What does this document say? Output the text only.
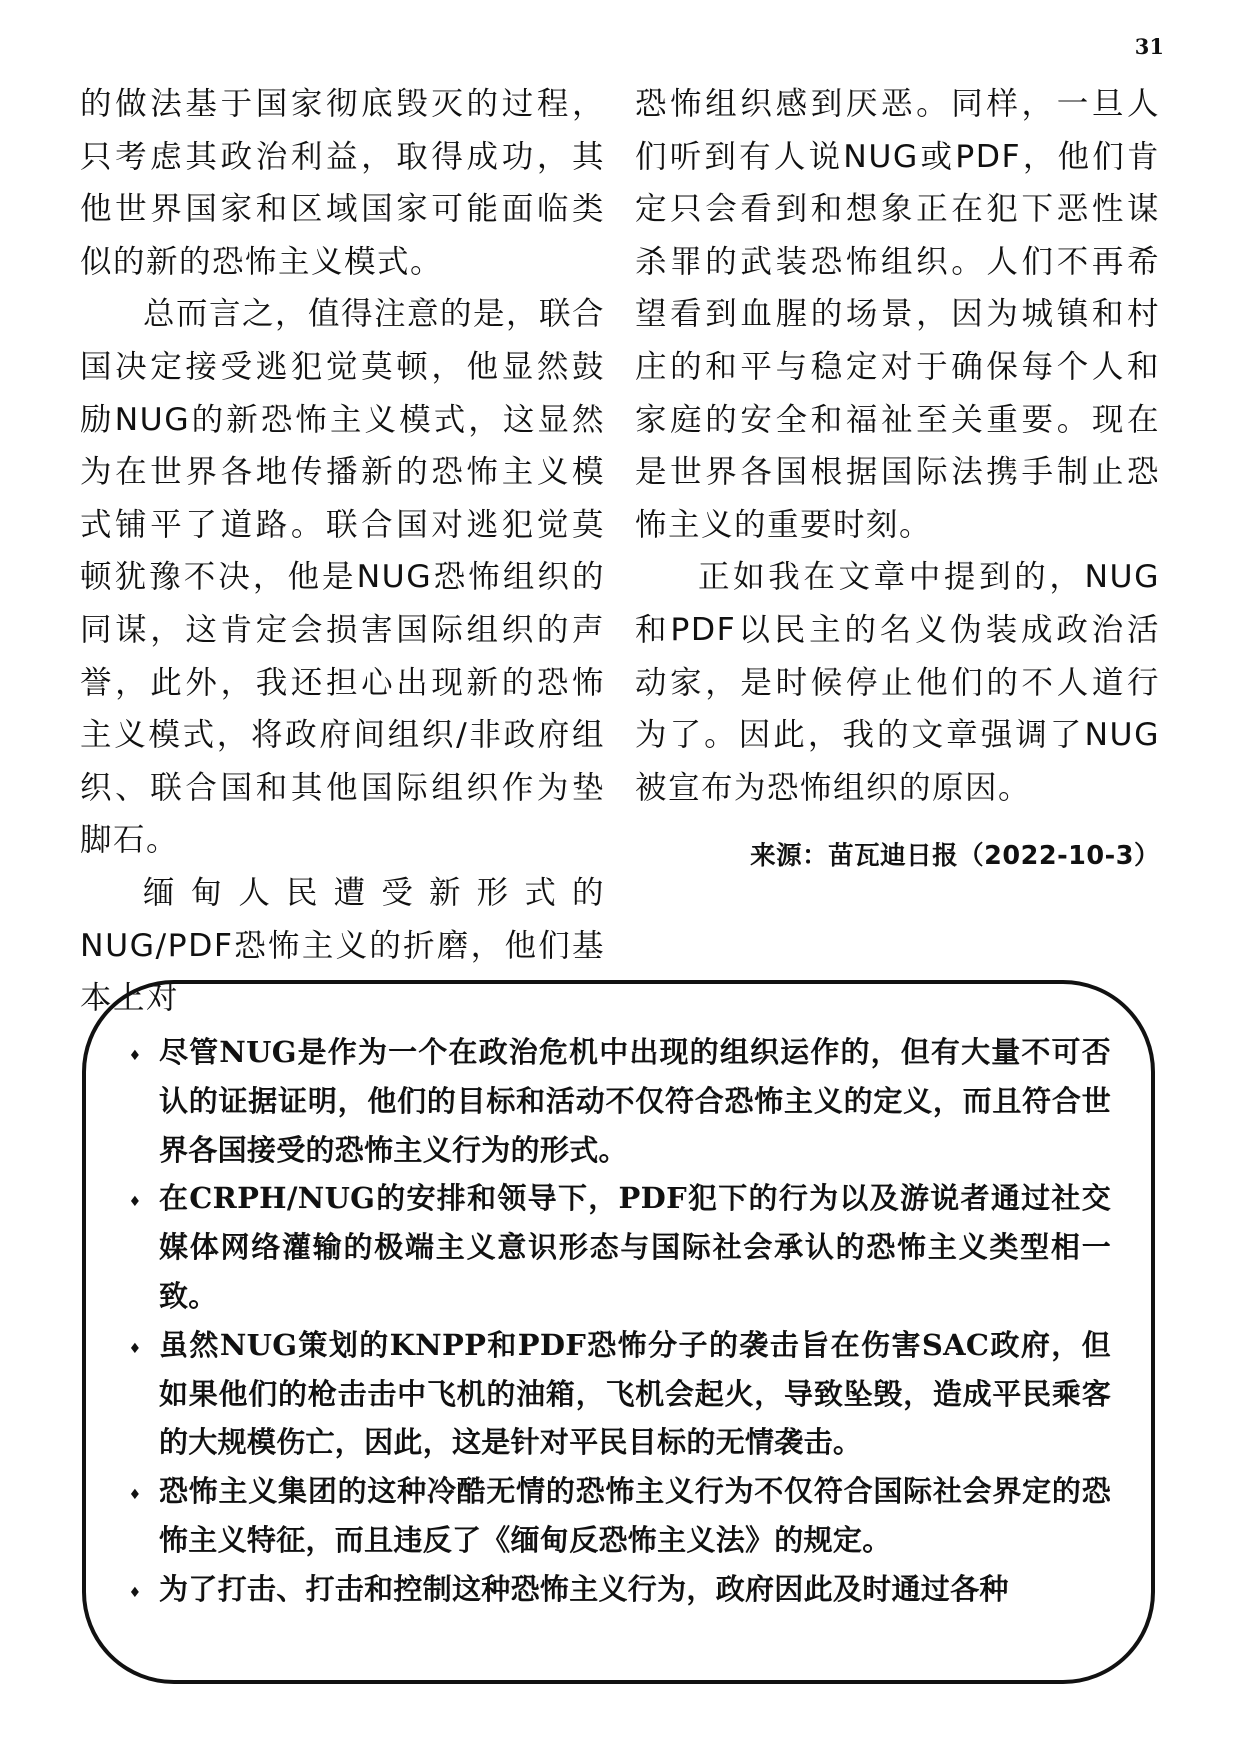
31

的做法基于国家彻底毁灭的过程，只考虑其政治利益，取得成功，其他世界国家和区域国家可能面临类似的新的恐怖主义模式。

总而言之，值得注意的是，联合国决定接受逃犯觉莫顿，他显然鼓励NUG的新恐怖主义模式，这显然为在世界各地传播新的恐怖主义模式铺平了道路。联合国对逃犯觉莫顿犹豫不决，他是NUG恐怖组织的同谋，这肯定会损害国际组织的声誉，此外，我还担心出现新的恐怖主义模式，将政府间组织/非政府组织、联合国和其他国际组织作为垫脚石。

缅甸人民遭受新形式的NUG/PDF恐怖主义的折磨，他们基本上对

恐怖组织感到厌恶。同样，一旦人们听到有人说NUG或PDF，他们肯定只会看到和想象正在犯下恶性谋杀罪的武装恐怖组织。人们不再希望看到血腥的场景，因为城镇和村庄的和平与稳定对于确保每个人和家庭的安全和福祉至关重要。现在是世界各国根据国际法携手制止恐怖主义的重要时刻。

正如我在文章中提到的，NUG和PDF以民主的名义伪装成政治活动家，是时候停止他们的不人道行为了。因此，我的文章强调了NUG被宣布为恐怖组织的原因。

来源：苗瓦迪日报（2022-10-3）
♦ 尽管NUG是作为一个在政治危机中出现的组织运作的，但有大量不可否认的证据证明，他们的目标和活动不仅符合恐怖主义的定义，而且符合世界各国接受的恐怖主义行为的形式。
♦ 在CRPH/NUG的安排和领导下，PDF犯下的行为以及游说者通过社交媒体网络灌输的极端主义意识形态与国际社会承认的恐怖主义类型相一致。
♦ 虽然NUG策划的KNPP和PDF恐怖分子的袭击旨在伤害SAC政府，但如果他们的枪击击中飞机的油箱，飞机会起火，导致坠毁，造成平民乘客的大规模伤亡，因此，这是针对平民目标的无情袭击。
♦ 恐怖主义集团的这种冷酷无情的恐怖主义行为不仅符合国际社会界定的恐怖主义特征，而且违反了《缅甸反恐怖主义法》的规定。
♦ 为了打击、打击和控制这种恐怖主义行为，政府因此及时通过各种
